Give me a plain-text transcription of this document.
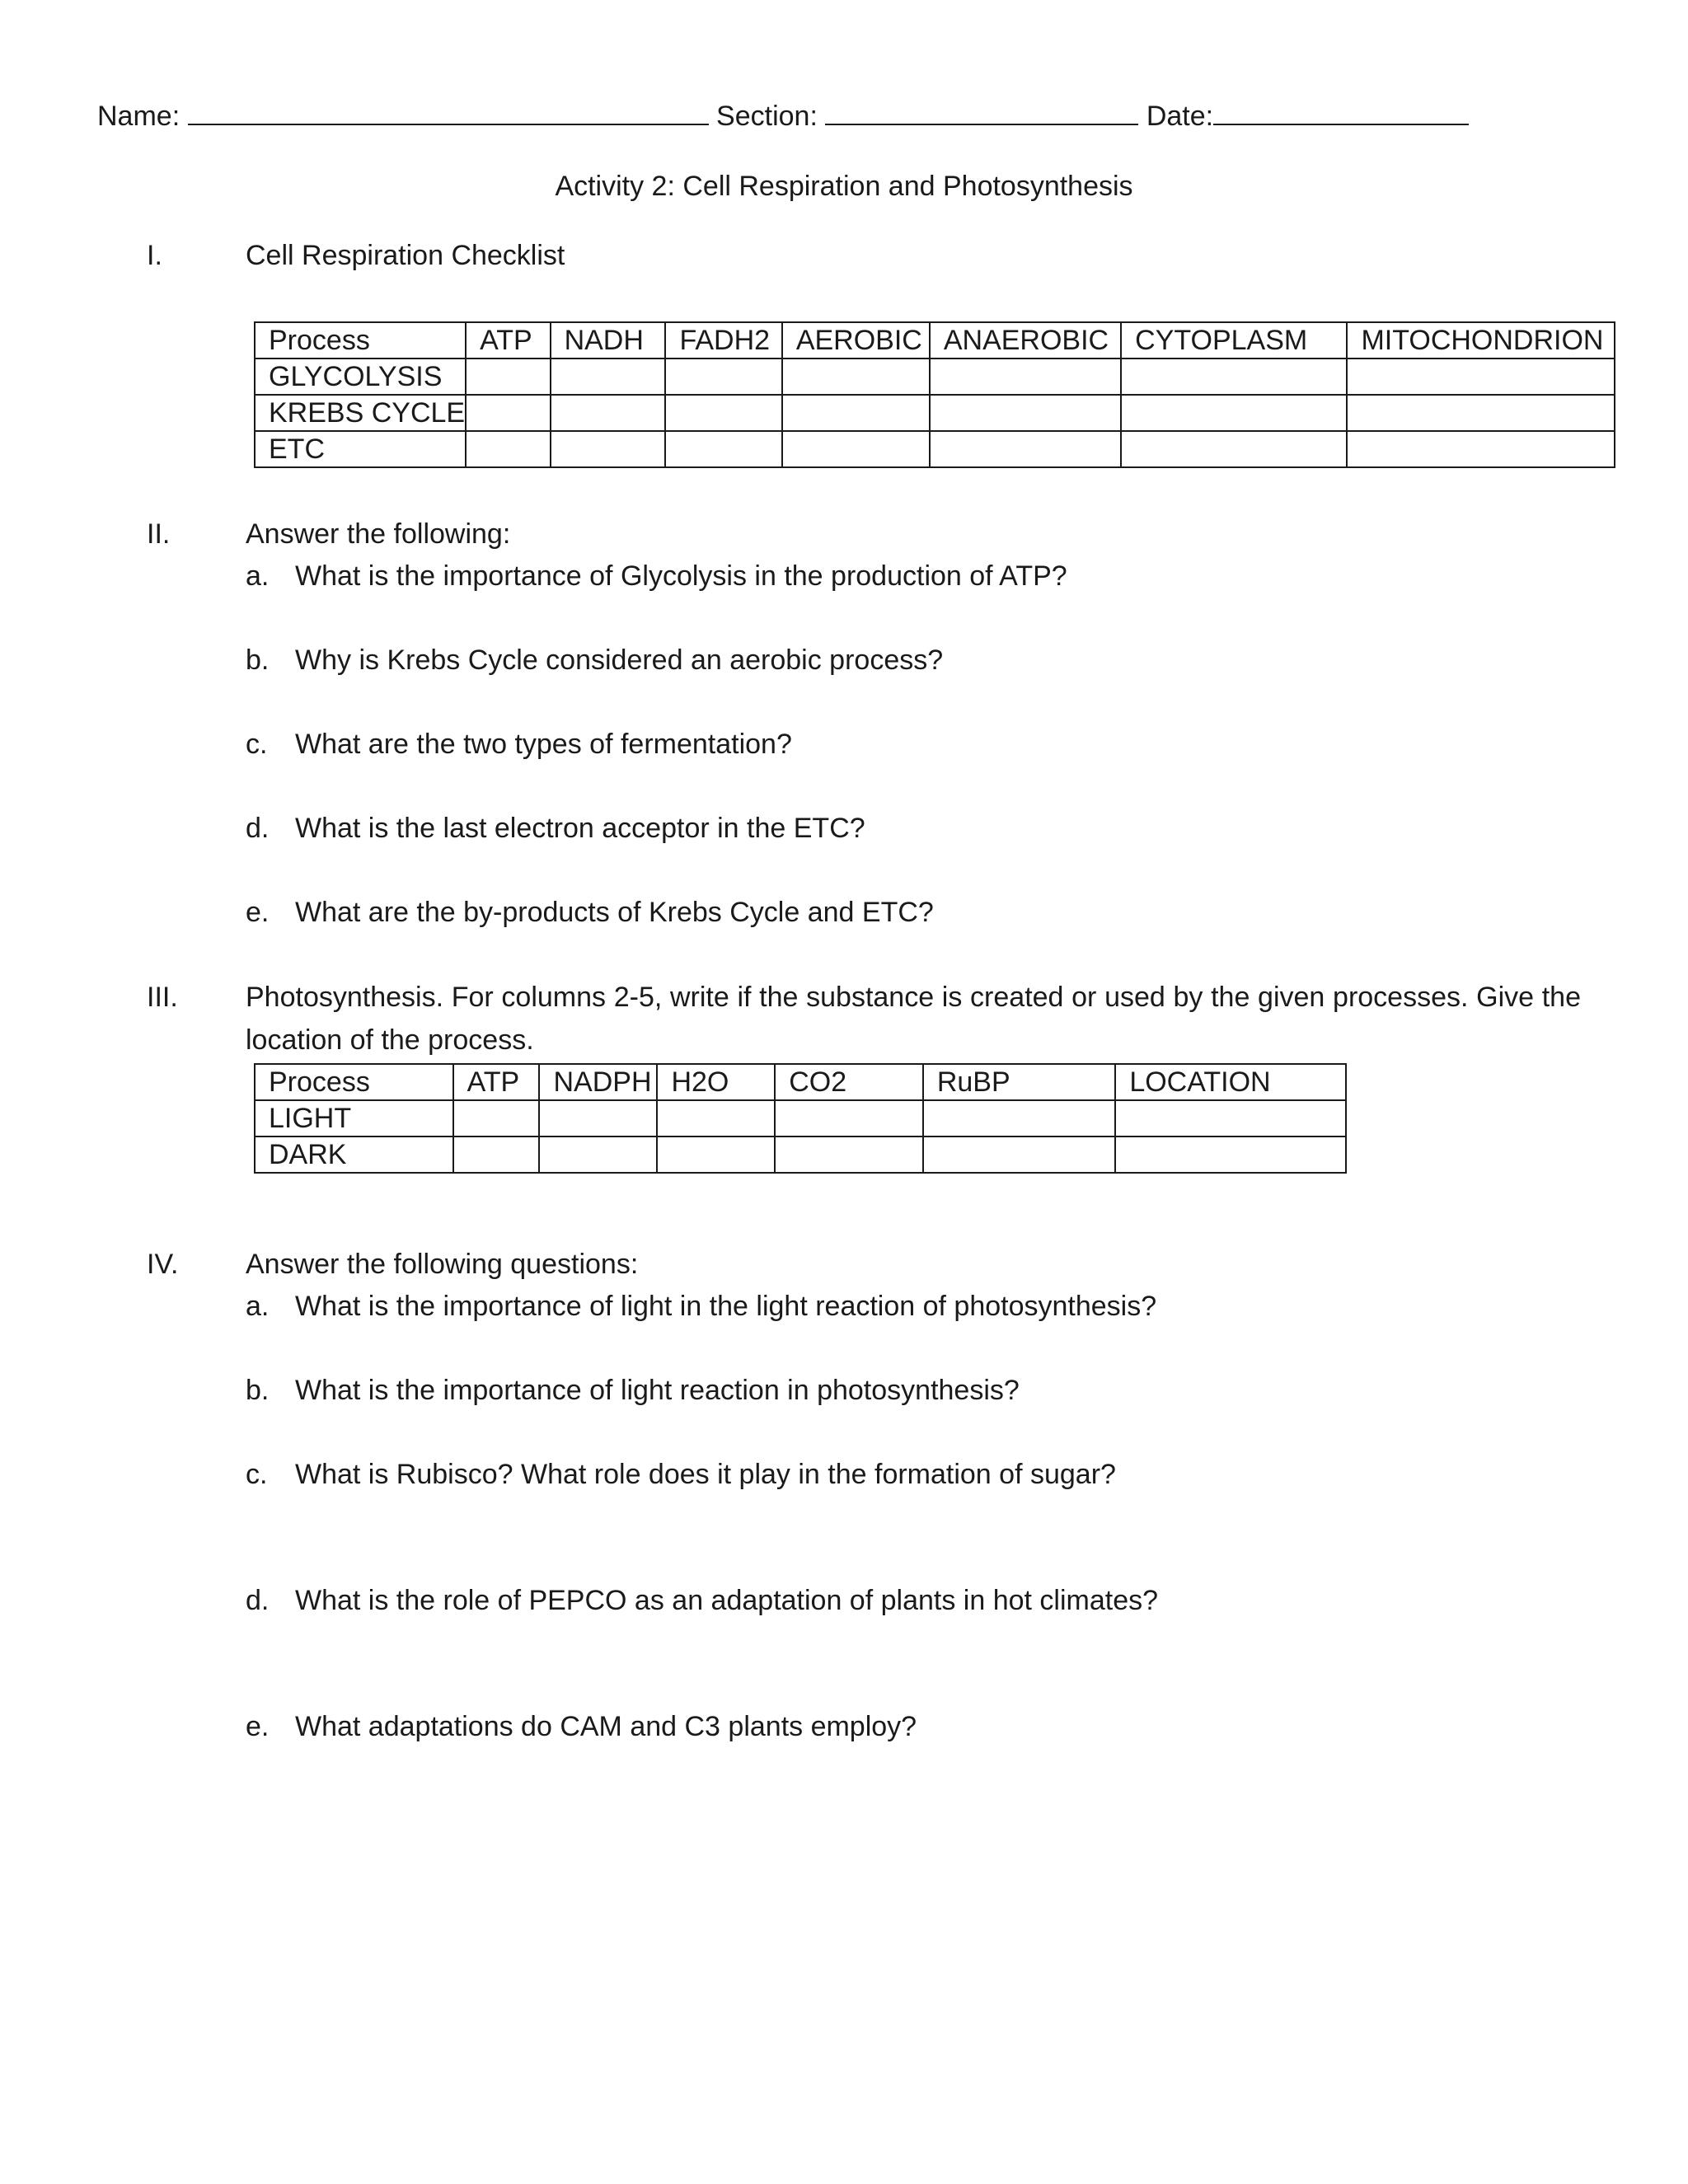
Name:	Section:	Date:
Activity 2: Cell Respiration and Photosynthesis
I.	Cell Respiration Checklist
Process	ATP	NADH	FADH2	AEROBIC	ANAEROBIC	CYTOPLASM	MITOCHONDRION
GLYCOLYSIS							
KREBS CYCLE							
ETC							
II.	Answer the following:
a. What is the importance of Glycolysis in the production of ATP?
b. Why is Krebs Cycle considered an aerobic process?
c. What are the two types of fermentation?
d. What is the last electron acceptor in the ETC?
e. What are the by-products of Krebs Cycle and ETC?
III. Photosynthesis. For columns 2-5, write if the substance is created or used by the given processes. Give the location of the process.
Process	ATP	NADPH	H2O	CO2	RuBP	LOCATION
LIGHT						
DARK						
IV. Answer the following questions:
a. What is the importance of light in the light reaction of photosynthesis?
b. What is the importance of light reaction in photosynthesis?
c. What is Rubisco? What role does it play in the formation of sugar?
d. What is the role of PEPCO as an adaptation of plants in hot climates?
e. What adaptations do CAM and C3 plants employ?
